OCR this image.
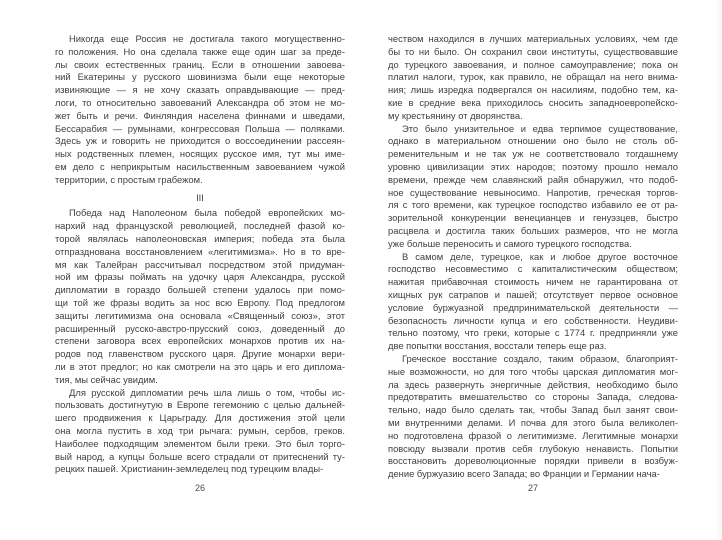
Никогда еще Россия не достигала такого могущественно-
го положения. Но она сделала также еще один шаг за преде-
лы своих естественных границ. Если в отношении завоева-
ний Екатерины у русского шовинизма были еще некоторые
извиняющие — я не хочу сказать оправдывающие — пред-
логи, то относительно завоеваний Александра об этом не мо-
жет быть и речи. Финляндия населена финнами и шведами,
Бессарабия — румынами, конгрессовая Польша — поляками.
Здесь уж и говорить не приходится о воссоединении рассеян-
ных родственных племен, носящих русское имя, тут мы име-
ем дело с неприкрытым насильственным завоеванием чужой
территории, с простым грабежом.
III
Победа над Наполеоном была победой европейских мо-
нархий над французской революцией, последней фазой ко-
торой являлась наполеоновская империя; победа эта была
отпразднована восстановлением «легитимизма». Но в то вре-
мя как Талейран рассчитывал посредством этой придуман-
ной им фразы поймать на удочку царя Александра, русской
дипломатии в гораздо большей степени удалось при помо-
щи той же фразы водить за нос всю Европу. Под предлогом
защиты легитимизма она основала «Священный союз», этот
расширенный русско-австро-прусский союз, доведенный до
степени заговора всех европейских монархов против их на-
родов под главенством русского царя. Другие монархи вери-
ли в этот предлог; но как смотрели на это царь и его диплома-
тия, мы сейчас увидим.
Для русской дипломатии речь шла лишь о том, чтобы ис-
пользовать достигнутую в Европе гегемонию с целью дальней-
шего продвижения к Царьграду. Для достижения этой цели
она могла пустить в ход три рычага: румын, сербов, греков.
Наиболее подходящим элементом были греки. Это был торго-
вый народ, а купцы больше всего страдали от притеснений ту-
рецких пашей. Христианин-земледелец под турецким влады-
чеством находился в лучших материальных условиях, чем где
бы то ни было. Он сохранил свои институты, существовавшие
до турецкого завоевания, и полное самоуправление; пока он
платил налоги, турок, как правило, не обращал на него внима-
ния; лишь изредка подвергался он насилиям, подобно тем, ка-
кие в средние века приходилось сносить западноевропейско-
му крестьянину от дворянства.
Это было унизительное и едва терпимое существование,
однако в материальном отношении оно было не столь об-
ременительным и не так уж не соответствовало тогдашнему
уровню цивилизации этих народов; поэтому прошло немало
времени, прежде чем славянский райя обнаружил, что подоб-
ное существование невыносимо. Напротив, греческая торгов-
ля с того времени, как турецкое господство избавило ее от ра-
зорительной конкуренции венецианцев и генуэзцев, быстро
расцвела и достигла таких больших размеров, что не могла
уже больше переносить и самого турецкого господства.
В самом деле, турецкое, как и любое другое восточное
господство несовместимо с капиталистическим обществом;
нажитая прибавочная стоимость ничем не гарантирована от
хищных рук сатрапов и пашей; отсутствует первое основное
условие буржуазной предпринимательской деятельности —
безопасность личности купца и его собственности. Неудиви-
тельно поэтому, что греки, которые с 1774 г. предприняли уже
две попытки восстания, восстали теперь еще раз.
Греческое восстание создало, таким образом, благоприят-
ные возможности, но для того чтобы царская дипломатия мог-
ла здесь развернуть энергичные действия, необходимо было
предотвратить вмешательство со стороны Запада, следова-
тельно, надо было сделать так, чтобы Запад был занят свои-
ми внутренними делами. И почва для этого была великолеп-
но подготовлена фразой о легитимизме. Легитимные монархи
повсюду вызвали против себя глубокую ненависть. Попытки
восстановить дореволюционные порядки привели в возбуж-
дение буржуазию всего Запада; во Франции и Германии нача-
26	27
